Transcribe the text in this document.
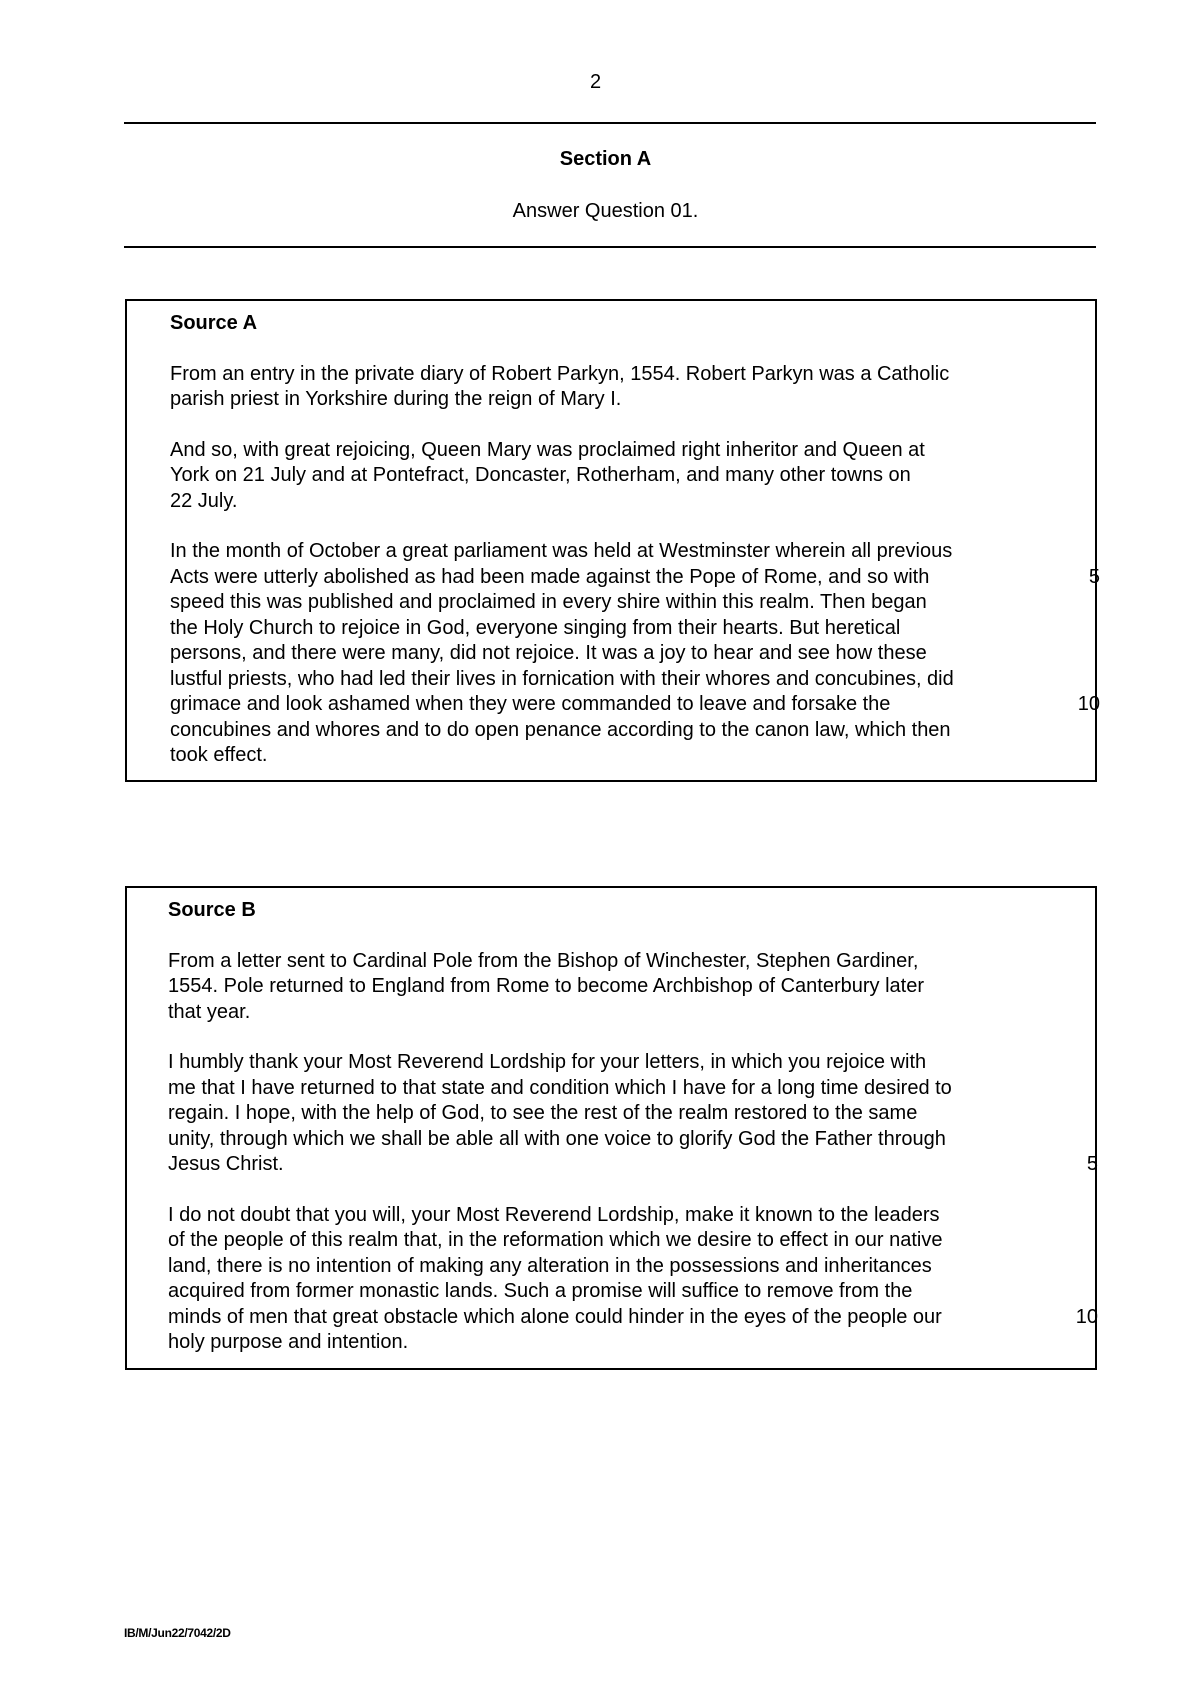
2
Section A
Answer Question 01.
Source A
From an entry in the private diary of Robert Parkyn, 1554. Robert Parkyn was a Catholic
parish priest in Yorkshire during the reign of Mary I.
And so, with great rejoicing, Queen Mary was proclaimed right inheritor and Queen at
York on 21 July and at Pontefract, Doncaster, Rotherham, and many other towns on
22 July.
In the month of October a great parliament was held at Westminster wherein all previous
Acts were utterly abolished as had been made against the Pope of Rome, and so with
speed this was published and proclaimed in every shire within this realm. Then began
the Holy Church to rejoice in God, everyone singing from their hearts. But heretical
persons, and there were many, did not rejoice. It was a joy to hear and see how these
lustful priests, who had led their lives in fornication with their whores and concubines, did
grimace and look ashamed when they were commanded to leave and forsake the
concubines and whores and to do open penance according to the canon law, which then
took effect.
5
10
Source B
From a letter sent to Cardinal Pole from the Bishop of Winchester, Stephen Gardiner,
1554. Pole returned to England from Rome to become Archbishop of Canterbury later
that year.
I humbly thank your Most Reverend Lordship for your letters, in which you rejoice with
me that I have returned to that state and condition which I have for a long time desired to
regain. I hope, with the help of God, to see the rest of the realm restored to the same
unity, through which we shall be able all with one voice to glorify God the Father through
Jesus Christ.	5
I do not doubt that you will, your Most Reverend Lordship, make it known to the leaders
of the people of this realm that, in the reformation which we desire to effect in our native
land, there is no intention of making any alteration in the possessions and inheritances
acquired from former monastic lands. Such a promise will suffice to remove from the
minds of men that great obstacle which alone could hinder in the eyes of the people our
holy purpose and intention.
10
IB/M/Jun22/7042/2D
